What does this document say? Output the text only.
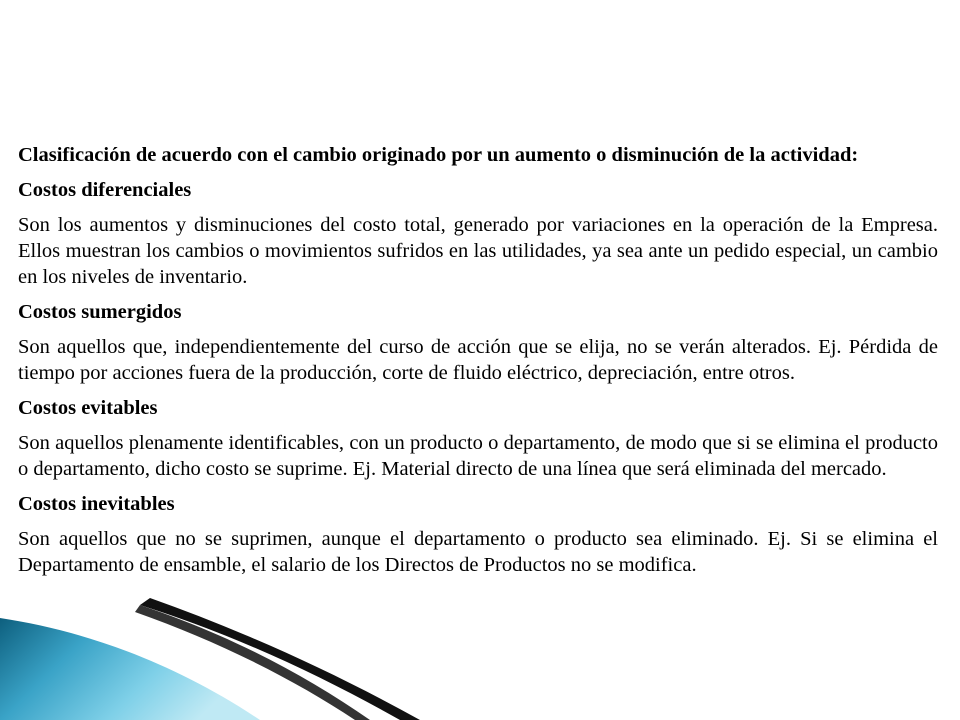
Clasificación de acuerdo con el cambio originado por un aumento o disminución de la actividad:

Costos diferenciales

Son los aumentos y disminuciones del costo total, generado por variaciones en la operación de la Empresa. Ellos muestran los cambios o movimientos sufridos en las utilidades, ya sea ante un pedido especial, un cambio en los niveles de inventario.

Costos sumergidos

Son aquellos que, independientemente del curso de acción que se elija, no se verán alterados. Ej. Pérdida de tiempo por acciones fuera de la producción, corte de fluido eléctrico, depreciación, entre otros.

Costos evitables

Son aquellos plenamente identificables, con un producto o departamento, de modo que si se elimina el producto o departamento, dicho costo se suprime. Ej. Material directo de una línea que será eliminada del mercado.

Costos inevitables

Son aquellos que no se suprimen, aunque el departamento o producto sea eliminado. Ej. Si se elimina el Departamento de ensamble, el salario de los Directos de Productos no se modifica.
